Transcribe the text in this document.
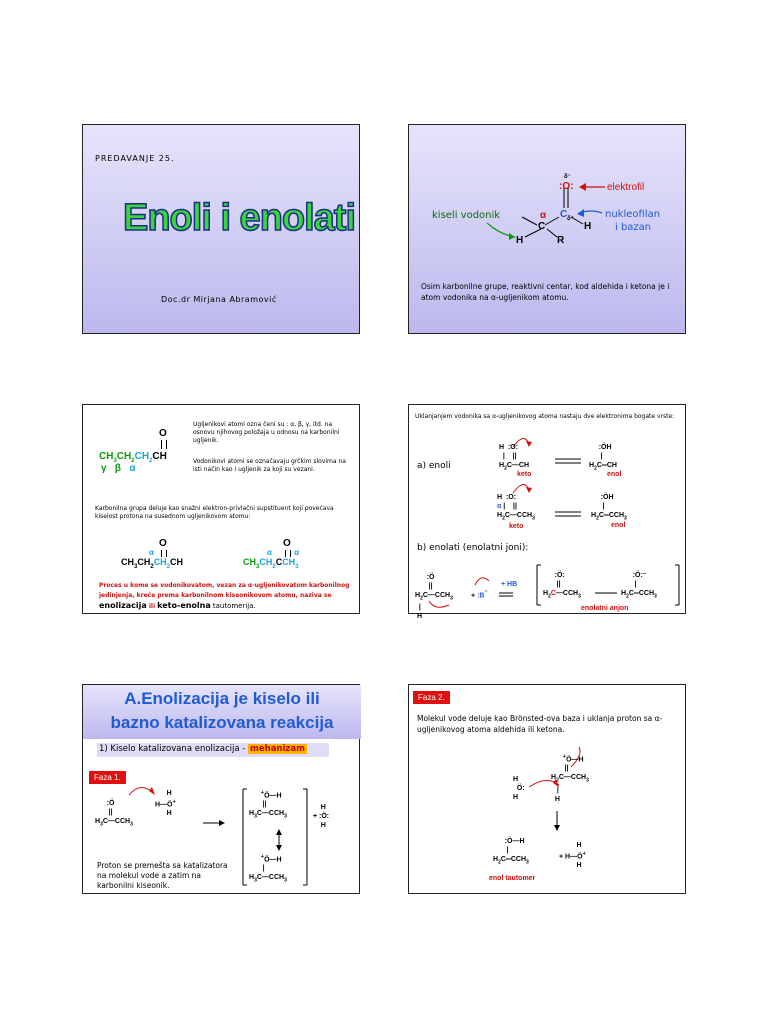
PREDAVANJE 25.
Enoli i enolati
Doc.dr Mirjana Abramović
δ⁻
:O:	elektrofil
C δ⁺
α
C	H
H	R
kiseli vodonik	nukleofilan
i bazan
Osim karbonilne grupe, reaktivni centar, kod aldehida i ketona je i atom vodonika na α-ugljenikom atomu.
Ugljenikovi atomi ozna čeni su : α, β, γ, itd. na osnovu njihovog položaja u odnosu na karbonilni ugljenik.
Vodonikovi atomi se označavaju grčkim slovima na isti način kao i ugljenik za koji su vezani.
O
$CH_3CH_2CH_2CH$
γ β α
Karbonilna grupa deluje kao snažni elektron-privlačni supstituent koji povećava kiselost protona na susednom ugljenikovom atomu:
O
α
$CH_3CH_2CH_2CH$
O
α          α
$CH_3CH_2CCH_3$
Proces u kome se vodonikovatom, vezan za α-ugljenikovatom karbonilnog jedinjenja, kreće prema karbonilnom kiseonikovom atomu, naziva se enolizacija ili keto-enolna tautomerija.
Uklanjanjem vodonika sa α-ugljenikovog atoma nastaju dve elektronima bogate vrste:
a) enoli
H  :O:
|    ||
$H_2C—CH$
keto
:ÖH
|
$H_2C═CH$
enol
H  :O:
α |    ||
$H_2C—CCH_3$
keto
:ÖH
|
$H_2C═CCH_3$
enol
b) enolati (enolatni joni):
:Ö
||
$H_2C—CCH_3$
|
H
+ :B⁻
+ HB
:Ö:
||
$H_2C—CCH_3$
:Ö:⁻
|
$H_2C═CCH_3$
enolatni anjon
A.Enolizacija je kiselo ili
bazno katalizovana reakcija
1) Kiselo katalizovana enolizacija - mehanizam
Faza 1.
:Ö
||
$H_3C—CCH_3$
H
H—Ö+
H
+Ö—H
||
$H_3C—CCH_3$
H
+ :Ö:
H
+Ö—H
|
$H_3C—CCH_3$
Proton se premešta sa katalizatora na molekul vode a zatim na karbonilni kiseonik.
Faza 2.
Molekul vode deluje kao Brönsted-ova baza i uklanja proton sa α-ugljenikovog atoma aldehida ili ketona.
H
Ö:
H
+Ö—H
||
$H_2C—CCH_3$
|
H
:Ö—H
|
$H_2C═CCH_3$
H
+ H—Ö+
H
enol tautomer
